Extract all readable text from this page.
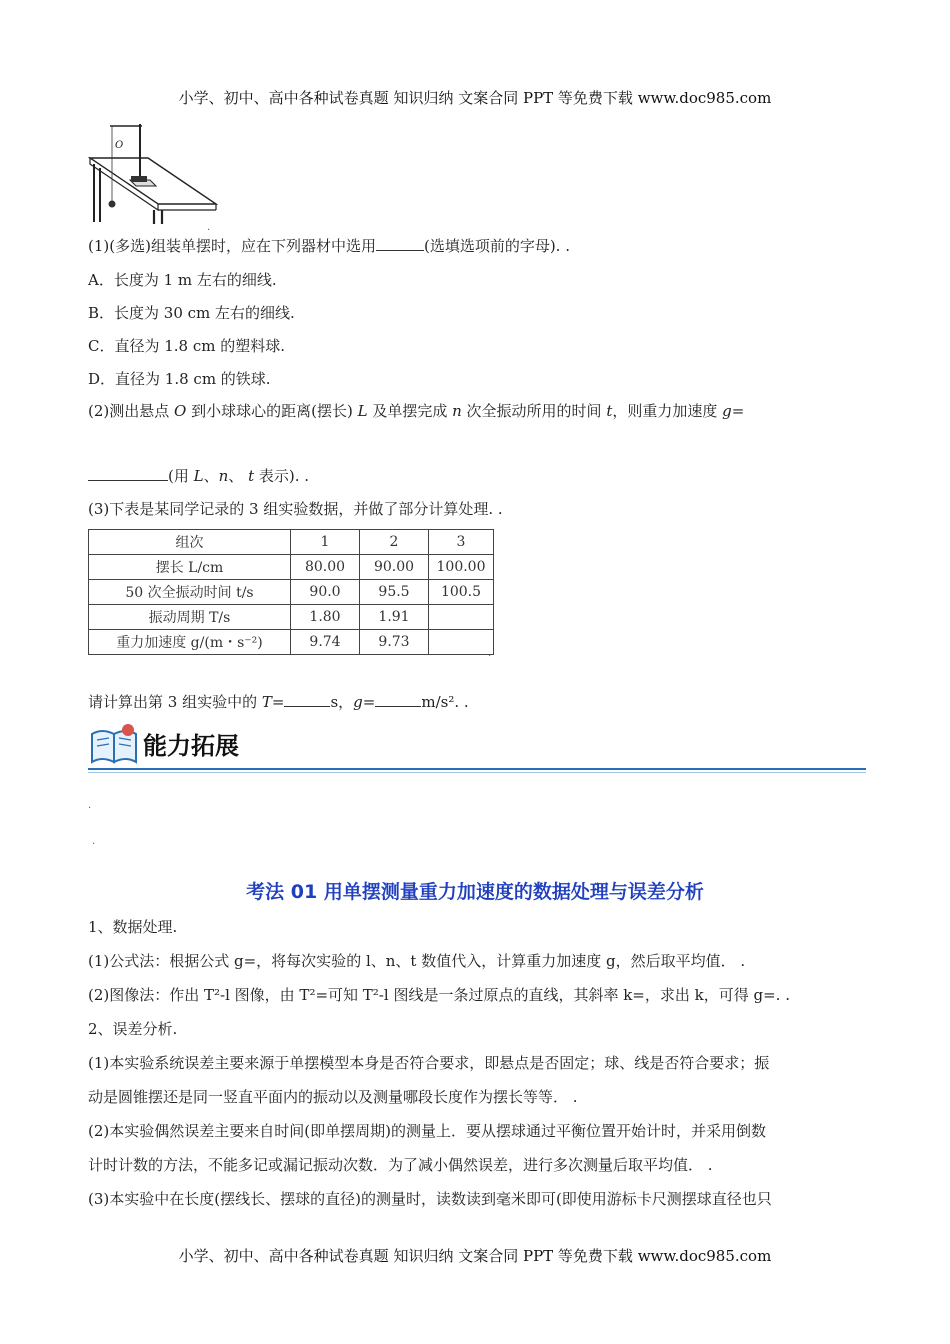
小学、初中、高中各种试卷真题 知识归纳 文案合同 PPT 等免费下载 www.doc985.com
O
.
(1)(多选)组装单摆时，应在下列器材中选用	(选填选项前的字母). .
A．长度为 1 m 左右的细线.
B．长度为 30 cm 左右的细线.
C．直径为 1.8 cm 的塑料球.
D．直径为 1.8 cm 的铁球.
(2)测出悬点 O 到小球球心的距离(摆长) L 及单摆完成 n 次全振动所用的时间 t，则重力加速度 g=
(用 L、n、 t 表示). .
(3)下表是某同学记录的 3 组实验数据，并做了部分计算处理. .
组次	1	2	3
摆长 L/cm	80.00	90.00	100.00
50 次全振动时间 t/s	90.0	95.5	100.5
振动周期 T/s	1.80	1.91	
重力加速度 g/(m・s⁻²)	9.74	9.73	
.
请计算出第 3 组实验中的 T=	s，g=	m/s². .
能力拓展
.
.
考法 01 用单摆测量重力加速度的数据处理与误差分析
1、数据处理.
(1)公式法：根据公式 g=，将每次实验的 l、n、t 数值代入，计算重力加速度 g，然后取平均值． .
(2)图像法：作出 T²-l 图像，由 T²=可知 T²-l 图线是一条过原点的直线，其斜率 k=，求出 k，可得 g=. .
2、误差分析.
(1)本实验系统误差主要来源于单摆模型本身是否符合要求，即悬点是否固定；球、线是否符合要求；振
动是圆锥摆还是同一竖直平面内的振动以及测量哪段长度作为摆长等等． .
(2)本实验偶然误差主要来自时间(即单摆周期)的测量上．要从摆球通过平衡位置开始计时，并采用倒数
计时计数的方法，不能多记或漏记振动次数．为了减小偶然误差，进行多次测量后取平均值． .
(3)本实验中在长度(摆线长、摆球的直径)的测量时，读数读到毫米即可(即使用游标卡尺测摆球直径也只
小学、初中、高中各种试卷真题 知识归纳 文案合同 PPT 等免费下载 www.doc985.com
